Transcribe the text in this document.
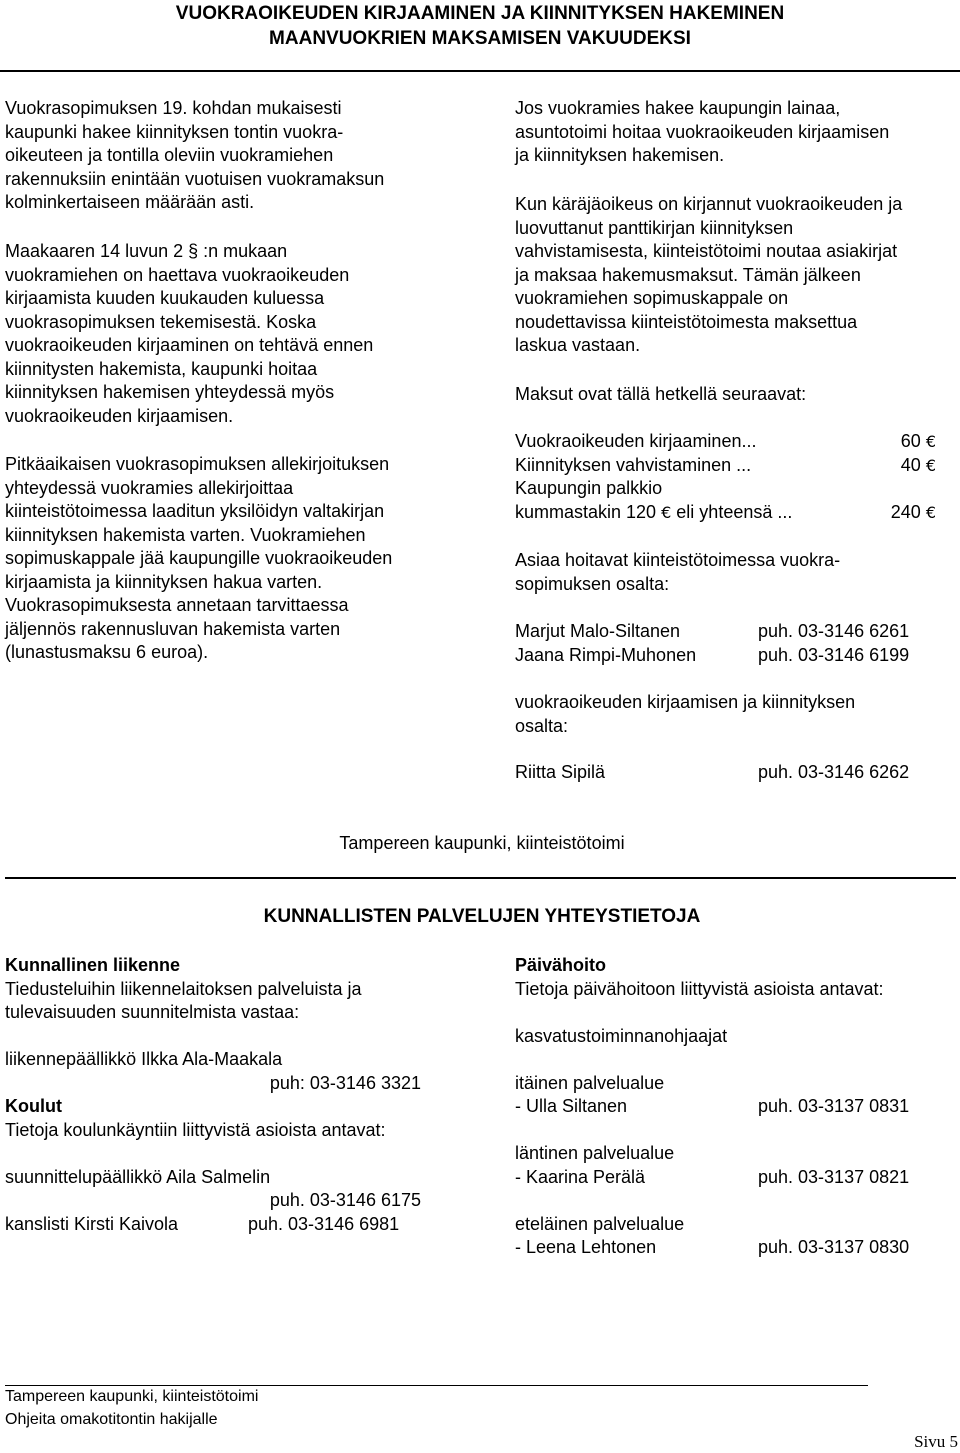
VUOKRAOIKEUDEN KIRJAAMINEN JA KIINNITYKSEN HAKEMINEN
MAANVUOKRIEN MAKSAMISEN VAKUUDEKSI
Vuokrasopimuksen 19. kohdan mukaisesti
kaupunki hakee kiinnityksen tontin vuokra-
oikeuteen ja tontilla oleviin vuokramiehen
rakennuksiin enintään vuotuisen vuokramaksun
kolminkertaiseen määrään asti.
Maakaaren 14 luvun 2 § :n mukaan
vuokramiehen on haettava vuokraoikeuden
kirjaamista kuuden kuukauden kuluessa
vuokrasopimuksen tekemisestä. Koska
vuokraoikeuden kirjaaminen on tehtävä ennen
kiinnitysten hakemista, kaupunki hoitaa
kiinnityksen hakemisen yhteydessä myös
vuokraoikeuden kirjaamisen.
Pitkäaikaisen vuokrasopimuksen allekirjoituksen
yhteydessä vuokramies allekirjoittaa
kiinteistötoimessa laaditun yksilöidyn valtakirjan
kiinnityksen hakemista varten. Vuokramiehen
sopimuskappale jää kaupungille vuokraoikeuden
kirjaamista ja kiinnityksen hakua varten.
Vuokrasopimuksesta annetaan tarvittaessa
jäljennös rakennusluvan hakemista varten
(lunastusmaksu 6 euroa).
Jos vuokramies hakee kaupungin lainaa,
asuntotoimi hoitaa vuokraoikeuden kirjaamisen
ja kiinnityksen hakemisen.
Kun käräjäoikeus on kirjannut vuokraoikeuden ja
luovuttanut panttikirjan kiinnityksen
vahvistamisesta, kiinteistötoimi noutaa asiakirjat
ja maksaa hakemusmaksut. Tämän jälkeen
vuokramiehen sopimuskappale on
noudettavissa kiinteistötoimesta maksettua
laskua vastaan.
Maksut ovat tällä hetkellä seuraavat:
Vuokraoikeuden kirjaaminen...	60 €
Kiinnityksen vahvistaminen ...	40 €
Kaupungin palkkio
kummastakin 120 € eli yhteensä ...	240 €
Asiaa hoitavat kiinteistötoimessa vuokra-
sopimuksen osalta:
Marjut Malo-Siltanen	puh. 03-3146 6261
Jaana Rimpi-Muhonen	puh. 03-3146 6199
vuokraoikeuden kirjaamisen ja kiinnityksen
osalta:
Riitta Sipilä	puh. 03-3146 6262
Tampereen kaupunki, kiinteistötoimi
KUNNALLISTEN PALVELUJEN YHTEYSTIETOJA
Kunnallinen liikenne
Tiedusteluihin liikennelaitoksen palveluista ja
tulevaisuuden suunnitelmista vastaa:
liikennepäällikkö Ilkka Ala-Maakala
puh: 03-3146 3321
Koulut
Tietoja koulunkäyntiin liittyvistä asioista antavat:
suunnittelupäällikkö Aila Salmelin
puh. 03-3146 6175
kanslisti Kirsti Kaivola	puh. 03-3146 6981
Päivähoito
Tietoja päivähoitoon liittyvistä asioista antavat:
kasvatustoiminnanohjaajat
itäinen palvelualue
- Ulla Siltanen	puh. 03-3137 0831
läntinen palvelualue
- Kaarina Perälä	puh. 03-3137 0821
eteläinen palvelualue
- Leena Lehtonen	puh. 03-3137 0830
Tampereen kaupunki, kiinteistötoimi
Ohjeita omakotitontin hakijalle
Sivu 5
